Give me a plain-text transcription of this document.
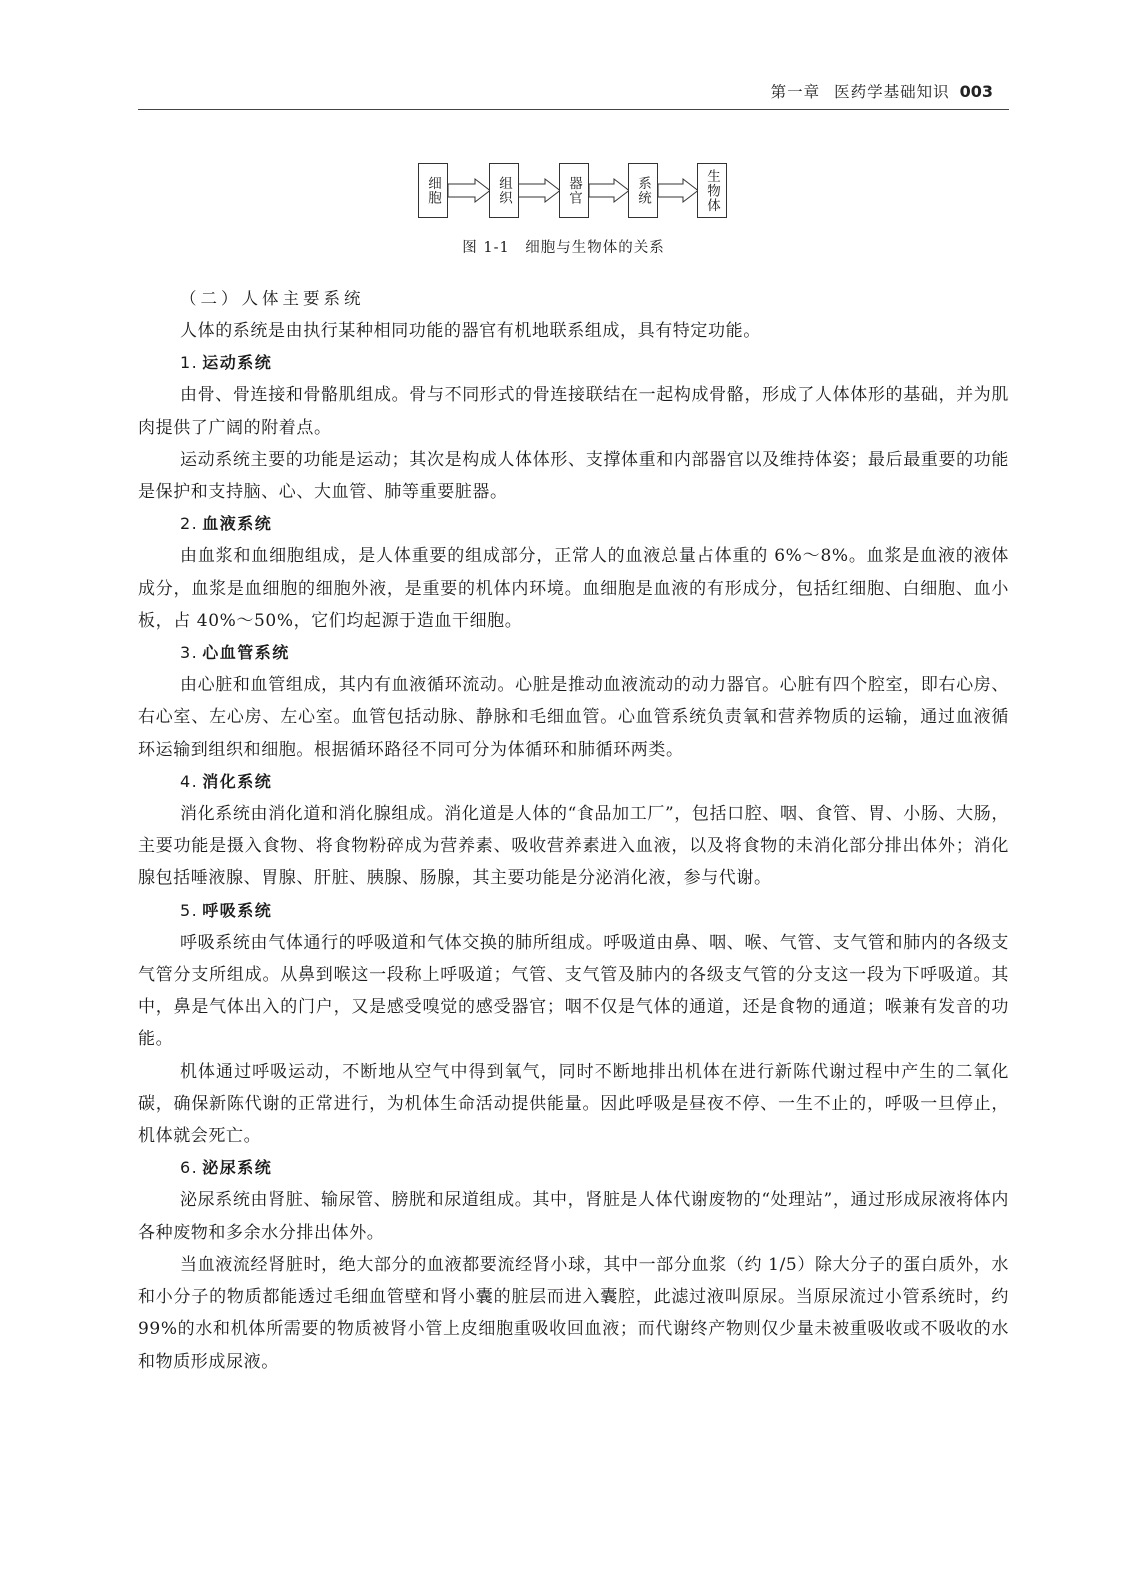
第一章 医药学基础知识 003
细胞	组织	器官	系统	生物体
图 1-1　细胞与生物体的关系
（二）人体主要系统

人体的系统是由执行某种相同功能的器官有机地联系组成，具有特定功能。

1. 运动系统

由骨、骨连接和骨骼肌组成。骨与不同形式的骨连接联结在一起构成骨骼，形成了人体体形的基础，并为肌肉提供了广阔的附着点。

运动系统主要的功能是运动；其次是构成人体体形、支撑体重和内部器官以及维持体姿；最后最重要的功能是保护和支持脑、心、大血管、肺等重要脏器。

2. 血液系统

由血浆和血细胞组成，是人体重要的组成部分，正常人的血液总量占体重的 6%～8%。血浆是血液的液体成分，血浆是血细胞的细胞外液，是重要的机体内环境。血细胞是血液的有形成分，包括红细胞、白细胞、血小板，占 40%～50%，它们均起源于造血干细胞。

3. 心血管系统

由心脏和血管组成，其内有血液循环流动。心脏是推动血液流动的动力器官。心脏有四个腔室，即右心房、右心室、左心房、左心室。血管包括动脉、静脉和毛细血管。心血管系统负责氧和营养物质的运输，通过血液循环运输到组织和细胞。根据循环路径不同可分为体循环和肺循环两类。

4. 消化系统

消化系统由消化道和消化腺组成。消化道是人体的“食品加工厂”，包括口腔、咽、食管、胃、小肠、大肠，主要功能是摄入食物、将食物粉碎成为营养素、吸收营养素进入血液，以及将食物的未消化部分排出体外；消化腺包括唾液腺、胃腺、肝脏、胰腺、肠腺，其主要功能是分泌消化液，参与代谢。

5. 呼吸系统

呼吸系统由气体通行的呼吸道和气体交换的肺所组成。呼吸道由鼻、咽、喉、气管、支气管和肺内的各级支气管分支所组成。从鼻到喉这一段称上呼吸道；气管、支气管及肺内的各级支气管的分支这一段为下呼吸道。其中，鼻是气体出入的门户，又是感受嗅觉的感受器官；咽不仅是气体的通道，还是食物的通道；喉兼有发音的功能。

机体通过呼吸运动，不断地从空气中得到氧气，同时不断地排出机体在进行新陈代谢过程中产生的二氧化碳，确保新陈代谢的正常进行，为机体生命活动提供能量。因此呼吸是昼夜不停、一生不止的，呼吸一旦停止，机体就会死亡。

6. 泌尿系统

泌尿系统由肾脏、输尿管、膀胱和尿道组成。其中，肾脏是人体代谢废物的“处理站”，通过形成尿液将体内各种废物和多余水分排出体外。

当血液流经肾脏时，绝大部分的血液都要流经肾小球，其中一部分血浆（约 1/5）除大分子的蛋白质外，水和小分子的物质都能透过毛细血管壁和肾小囊的脏层而进入囊腔，此滤过液叫原尿。当原尿流过小管系统时，约 99%的水和机体所需要的物质被肾小管上皮细胞重吸收回血液；而代谢终产物则仅少量未被重吸收或不吸收的水和物质形成尿液。
